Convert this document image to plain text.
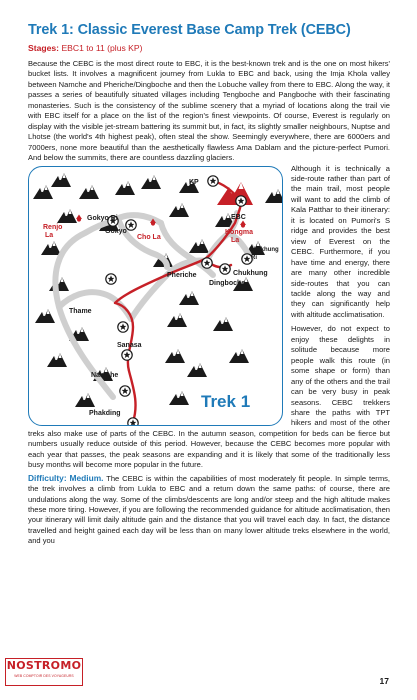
Trek 1: Classic Everest Base Camp Trek (CEBC)
Stages: EBC1 to 11 (plus KP)

Because the CEBC is the most direct route to EBC, it is the best-known trek and is the one on most hikers' bucket lists. It involves a magnificent journey from Lukla to EBC and back, using the Imja Khola valley between Namche and Pheriche/Dingboche and then the Lobuche valley from there to EBC. Along the way, it passes a series of beautifully situated villages including Tengboche and Pangboche with their fascinating monasteries. Such is the consistency of the sublime scenery that a myriad of locations along the trail vie with EBC itself for a place on the list of the region's finest viewpoints. Of course, Everest is regularly on display with the visible jet-stream battering its summit but, in fact, its slightly smaller neighbours, Nuptse and Lhotse (the world's 4th highest peak), often steal the show. Seemingly everywhere, there are 6000ers and 7000ers, none more beautiful than the aesthetically flawless Ama Dablam and the picture-perfect Pumori. And below the summits, there are countless dazzling glaciers.

KP
EBC
Gokyo Ri
Gokyo
Renjo
La	Cho La
Kongma
La
Chukhung
Ri
Chukhung
Pheriche
Dingboche
Thame
Sanasa
Namche
Phakding
Trek 1

Although it is technically a side-route rather than part of the main trail, most people will want to add the climb of Kala Patthar to their itinerary: it is located on Pumori's S ridge and provides the best view of Everest on the CEBC. Furthermore, if you have time and energy, there are many other incredible side-routes that you can tackle along the way and they can significantly help with altitude acclimatisation.

However, do not expect to enjoy these delights in solitude because more people walk this route (in some shape or form) than any of the others and the trail can be very busy in peak seasons. CEBC trekkers share the paths with TPT hikers and most of the other treks also make use of parts of the CEBC. In the autumn season, competition for beds can be fierce but numbers usually reduce outside of this period. However, because the CEBC becomes more popular with each year that passes, the peak seasons are expanding and it is likely that some of the traditionally less busy months will become more popular in the future.

Difficulty: Medium. The CEBC is within the capabilities of most moderately fit people. In simple terms, the trek involves a climb from Lukla to EBC and a return down the same paths: of course, there are undulations along the way. Some of the climbs/descents are long and/or steep and the high altitude makes these more tiring. However, if you are following the recommended guidance for altitude acclimatisation, then your itinerary will limit daily altitude gain and the distance that you will travel each day. In fact, the distance travelled and height gained each day will be less than on many lower altitude treks elsewhere in the world, and you

NOSTROMO
WEB COMPTOIR DES VOYAGEURS	17
